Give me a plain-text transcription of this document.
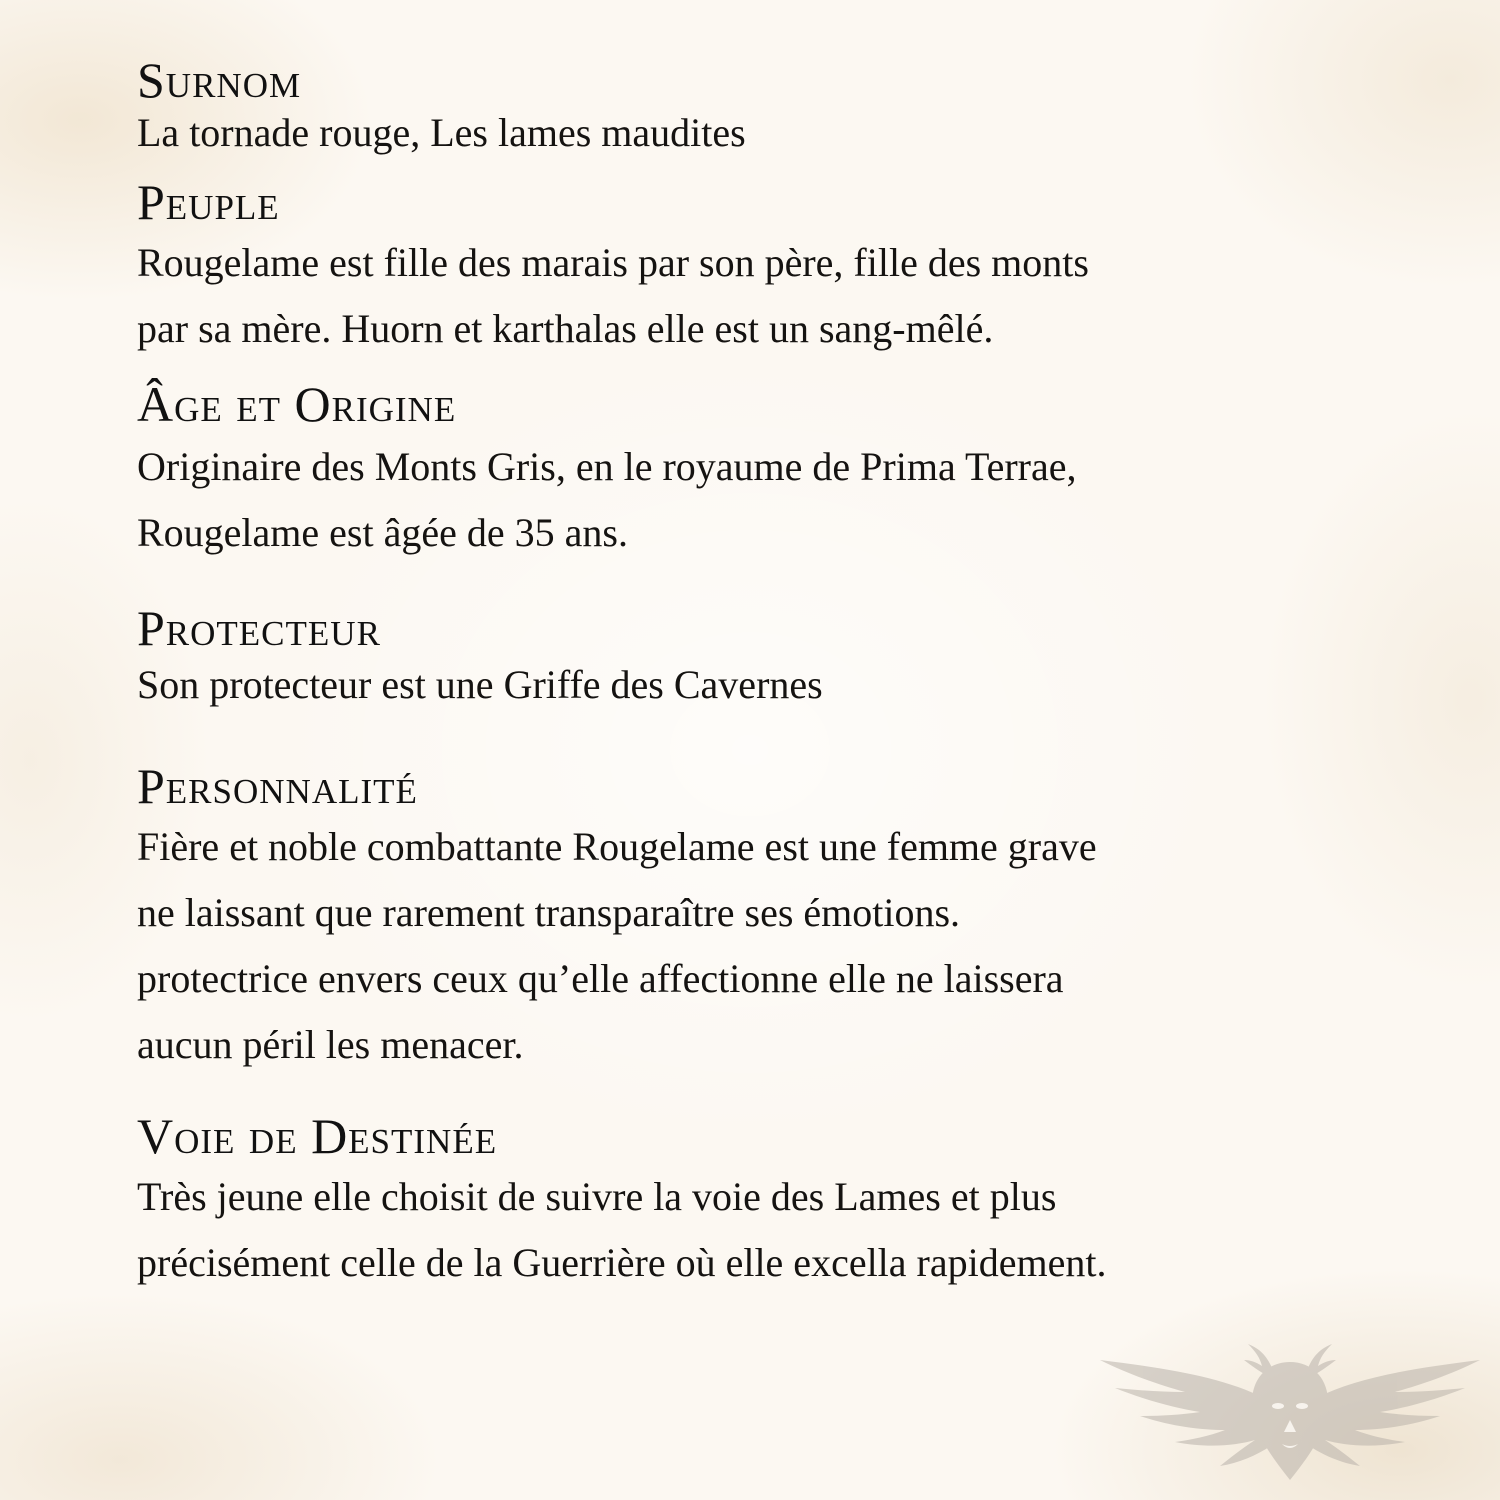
Surnom

La tornade rouge, Les lames maudites

Peuple

Rougelame est fille des marais par son père, fille des monts

par sa mère. Huorn et karthalas elle est un sang-mêlé.

Âge et Origine

Originaire des Monts Gris, en le royaume de Prima Terrae,

Rougelame est âgée de 35 ans.

Protecteur

Son protecteur est une Griffe des Cavernes

Personnalité

Fière et noble combattante Rougelame est une femme grave

ne laissant que rarement transparaître ses émotions.

protectrice envers ceux qu’elle affectionne elle ne laissera

aucun péril les menacer.

Voie de Destinée

Très jeune elle choisit de suivre la voie des Lames et plus

précisément celle de la Guerrière où elle excella rapidement.
